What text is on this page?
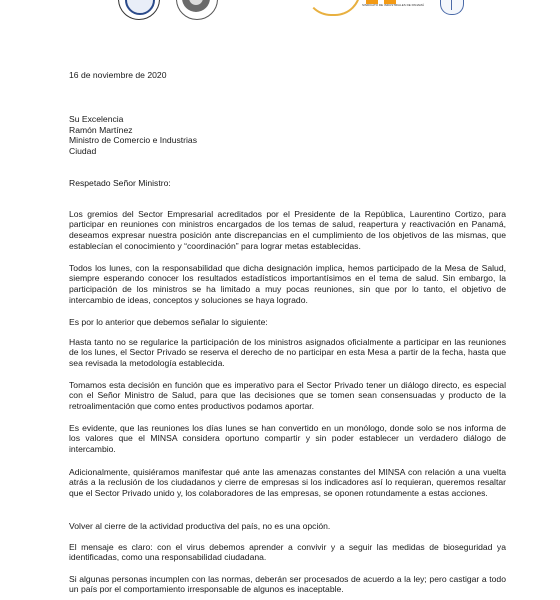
SINDICATO DE INDUSTRIALES DE PANAMÁ
16 de noviembre de 2020
Su Excelencia
Ramón Martínez
Ministro de Comercio e Industrias
Ciudad
Respetado Señor Ministro:

Los gremios del Sector Empresarial acreditados por el Presidente de la República, Laurentino Cortizo, para participar en reuniones con ministros encargados de los temas de salud, reapertura y reactivación en Panamá, deseamos expresar nuestra posición ante discrepancias en el cumplimiento de los objetivos de las mismas, que establecían el conocimiento y “coordinación” para lograr metas establecidas.

Todos los lunes, con la responsabilidad que dicha designación implica, hemos participado de la Mesa de Salud, siempre esperando conocer los resultados estadísticos importantísimos en el tema de salud. Sin embargo, la participación de los ministros se ha limitado a muy pocas reuniones, sin que por lo tanto, el objetivo de intercambio de ideas, conceptos y soluciones se haya logrado.

Es por lo anterior que debemos señalar lo siguiente:

Hasta tanto no se regularice la participación de los ministros asignados oficialmente a participar en las reuniones de los lunes, el Sector Privado se reserva el derecho de no participar en esta Mesa a partir de la fecha, hasta que sea revisada la metodología establecida.

Tomamos esta decisión en función que es imperativo para el Sector Privado tener un diálogo directo, es especial con el Señor Ministro de Salud, para que las decisiones que se tomen sean consensuadas y producto de la retroalimentación que como entes productivos podamos aportar.

Es evidente, que las reuniones los días lunes se han convertido en un monólogo, donde solo se nos informa de los valores que el MINSA considera oportuno compartir y sin poder establecer un verdadero diálogo de intercambio.

Adicionalmente, quisiéramos manifestar qué ante las amenazas constantes del MINSA con relación a una vuelta atrás a la reclusión de los ciudadanos y cierre de empresas si los indicadores así lo requieran, queremos resaltar que el Sector Privado unido y, los colaboradores de las empresas, se oponen rotundamente a estas acciones.

Volver al cierre de la actividad productiva del país, no es una opción.

El mensaje es claro: con el virus debemos aprender a convivir y a seguir las medidas de bioseguridad ya identificadas, como una responsabilidad ciudadana.

Si algunas personas incumplen con las normas, deberán ser procesados de acuerdo a la ley; pero castigar a todo un país por el comportamiento irresponsable de algunos es inaceptable.
